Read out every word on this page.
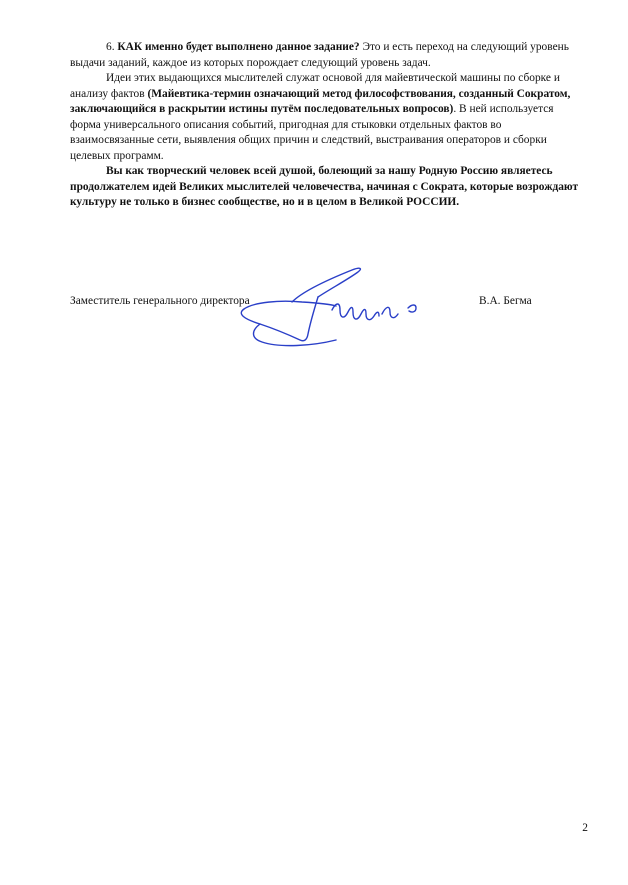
6. КАК именно будет выполнено данное задание? Это и есть переход на следующий уровень выдачи заданий, каждое из которых порождает следующий уровень задач.

Идеи этих выдающихся мыслителей служат основой для майевтической машины по сборке и анализу фактов (Майевтика-термин означающий метод философствования, созданный Сократом, заключающийся в раскрытии истины путём последовательных вопросов). В ней используется форма универсального описания событий, пригодная для стыковки отдельных фактов во взаимосвязанные сети, выявления общих причин и следствий, выстраивания операторов и сборки целевых программ.

Вы как творческий человек всей душой, болеющий за нашу Родную Россию являетесь продолжателем идей Великих мыслителей человечества, начиная с Сократа, которые возрождают культуру не только в бизнес сообществе, но и в целом в Великой РОССИИ.

Заместитель генерального директора	В.А. Бегма
2
